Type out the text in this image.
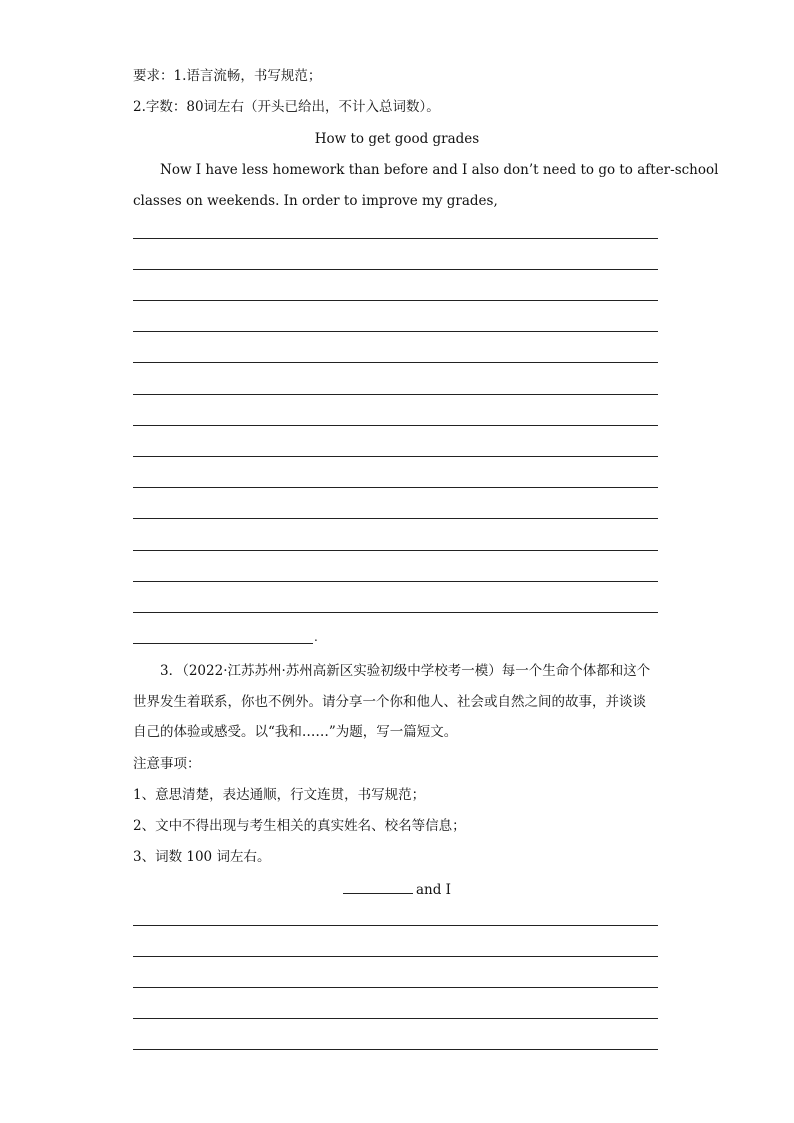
要求：1.语言流畅，书写规范；
2.字数：80词左右（开头已给出，不计入总词数）。
How to get good grades
Now I have less homework than before and I also don’t need to go to after-school
classes on weekends. In order to improve my grades,
.
3．（2022·江苏苏州·苏州高新区实验初级中学校考一模）每一个生命个体都和这个
世界发生着联系，你也不例外。请分享一个你和他人、社会或自然之间的故事，并谈谈
自己的体验或感受。以“我和……”为题，写一篇短文。
注意事项：
1、意思清楚，表达通顺，行文连贯，书写规范；
2、文中不得出现与考生相关的真实姓名、校名等信息；
3、词数 100 词左右。
and I
